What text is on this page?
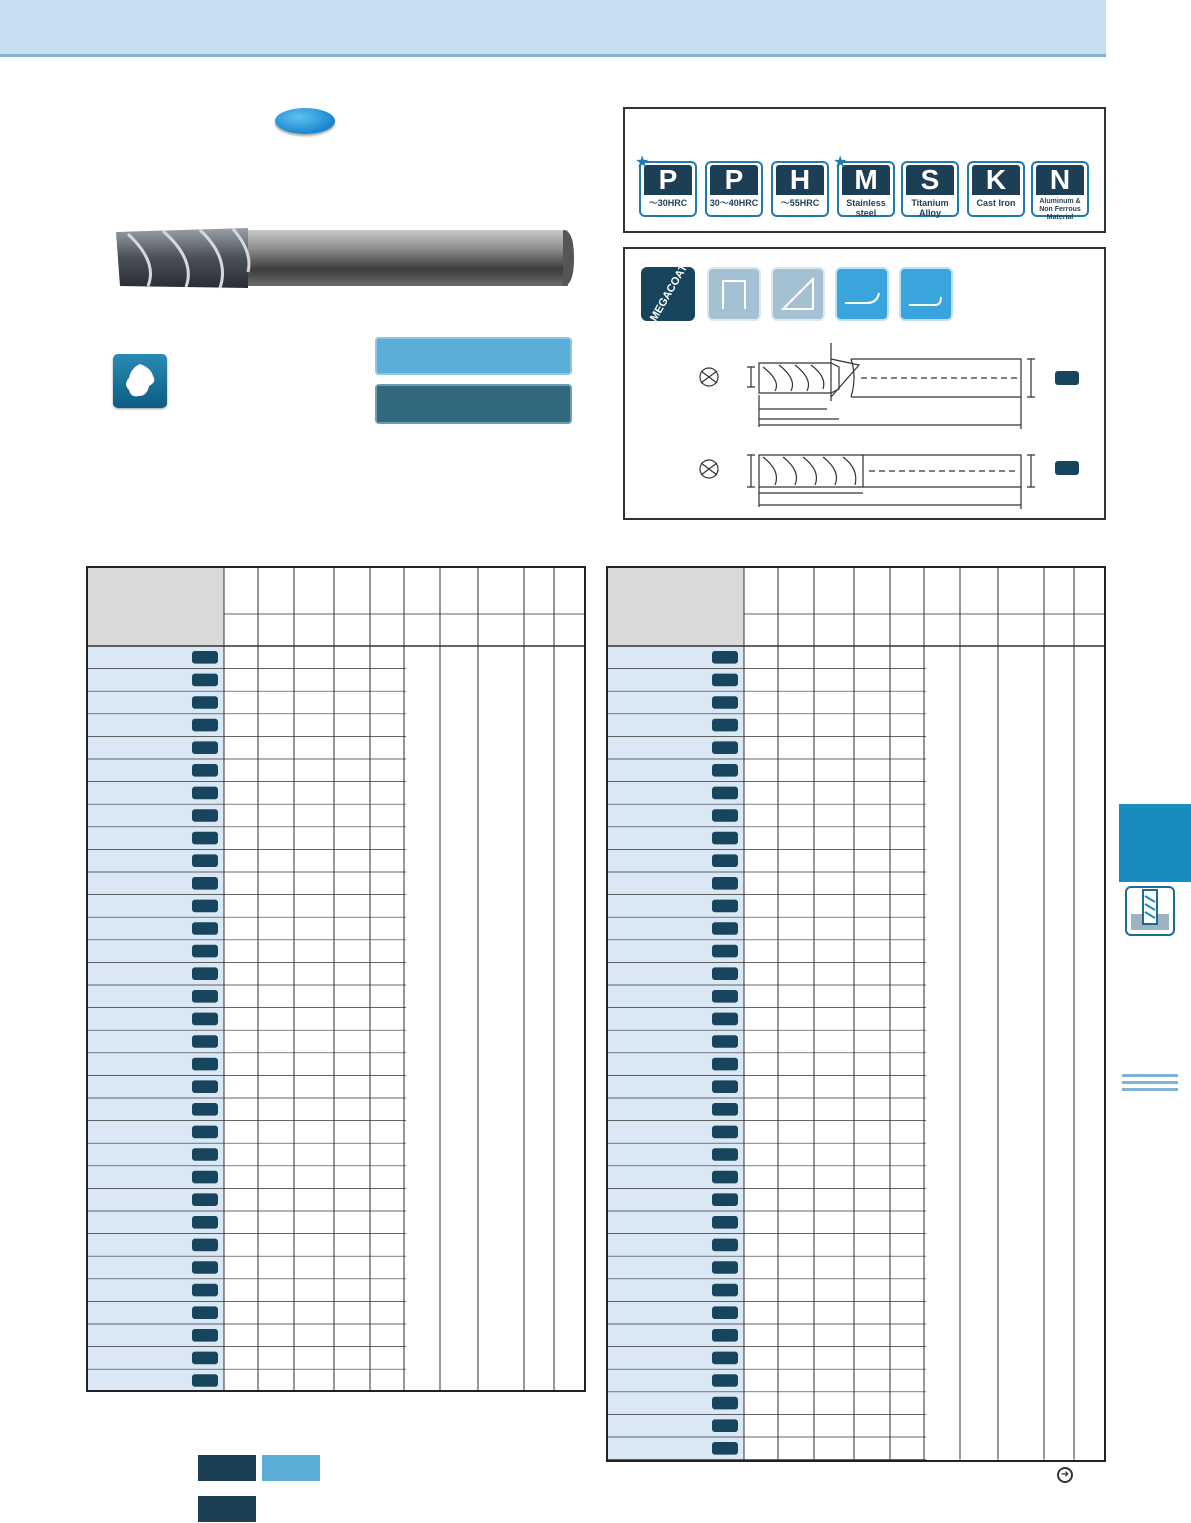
★
P
～30HRC
P
30～40HRC
H
～55HRC
★
M
Stainless steel
S
Titanium Alloy
K
Cast Iron
N
Aluminum & Non Ferrous Material
MEGACOAT
➜
